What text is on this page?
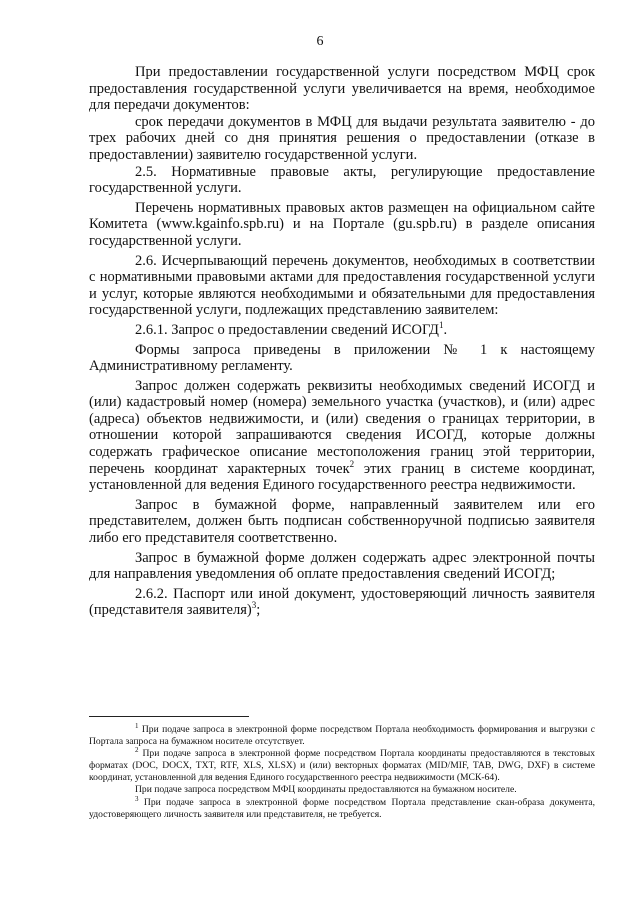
6

При предоставлении государственной услуги посредством МФЦ срок предоставления государственной услуги увеличивается на время, необходимое для передачи документов:

срок передачи документов в МФЦ для выдачи результата заявителю - до трех рабочих дней со дня принятия решения о предоставлении (отказе в предоставлении) заявителю государственной услуги.

2.5. Нормативные правовые акты, регулирующие предоставление государственной услуги.

Перечень нормативных правовых актов размещен на официальном сайте Комитета (www.kgainfo.spb.ru) и на Портале (gu.spb.ru) в разделе описания государственной услуги.

2.6. Исчерпывающий перечень документов, необходимых в соответствии с нормативными правовыми актами для предоставления государственной услуги и услуг, которые являются необходимыми и обязательными для предоставления государственной услуги, подлежащих представлению заявителем:

2.6.1. Запрос о предоставлении сведений ИСОГД$^1$.

Формы запроса приведены в приложении № 1 к настоящему Административному регламенту.

Запрос должен содержать реквизиты необходимых сведений ИСОГД и (или) кадастровый номер (номера) земельного участка (участков), и (или) адрес (адреса) объектов недвижимости, и (или) сведения о границах территории, в отношении которой запрашиваются сведения ИСОГД, которые должны содержать графическое описание местоположения границ этой территории, перечень координат характерных точек$^2$ этих границ в системе координат, установленной для ведения Единого государственного реестра недвижимости.

Запрос в бумажной форме, направленный заявителем или его представителем, должен быть подписан собственноручной подписью заявителя либо его представителя соответственно.

Запрос в бумажной форме должен содержать адрес электронной почты для направления уведомления об оплате предоставления сведений ИСОГД;

2.6.2. Паспорт или иной документ, удостоверяющий личность заявителя (представителя заявителя)$^3$;

$^1$ При подаче запроса в электронной форме посредством Портала необходимость формирования и выгрузки с Портала запроса на бумажном носителе отсутствует.

$^2$ При подаче запроса в электронной форме посредством Портала координаты предоставляются в текстовых форматах (DOC, DOCX, TXT, RTF, XLS, XLSX) и (или) векторных форматах (MID/MIF, TAB, DWG, DXF) в системе координат, установленной для ведения Единого государственного реестра недвижимости (МСК-64).

При подаче запроса посредством МФЦ координаты предоставляются на бумажном носителе.

$^3$ При подаче запроса в электронной форме посредством Портала представление скан-образа документа, удостоверяющего личность заявителя или представителя, не требуется.
